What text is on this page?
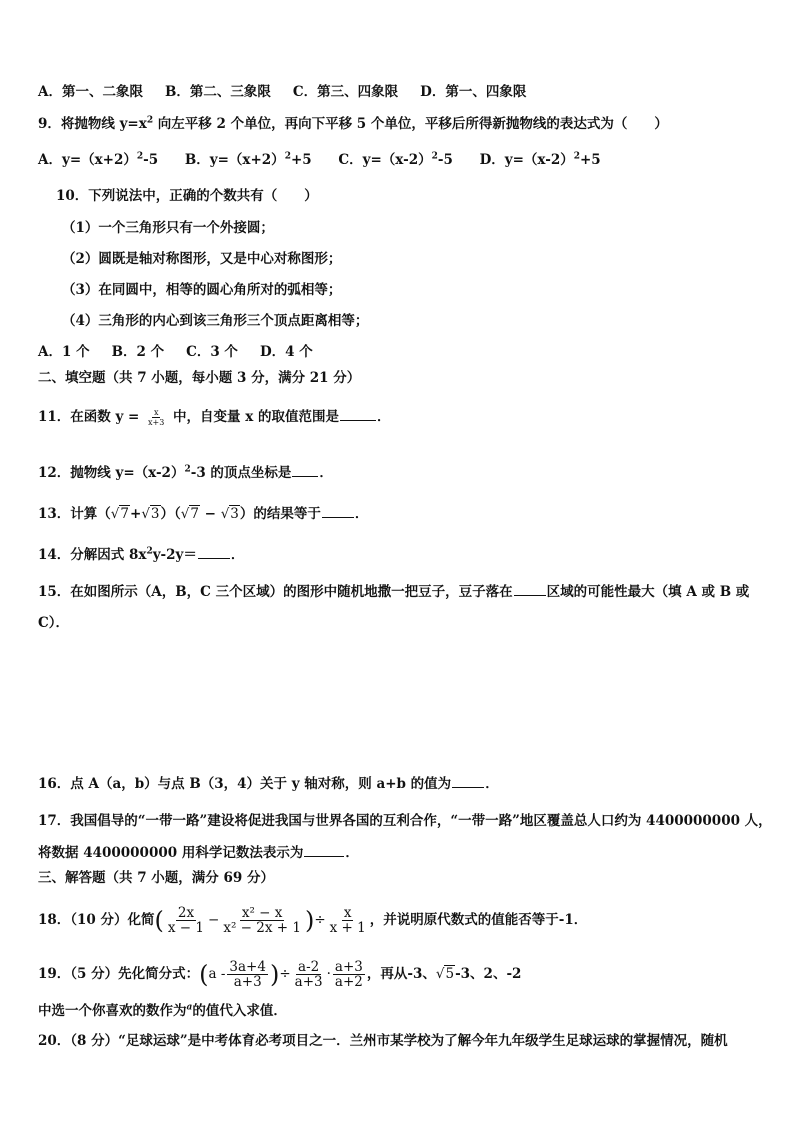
A．第一、二象限 B．第二、三象限 C．第三、四象限 D．第一、四象限
9．将抛物线 $y=x^2$ 向左平移 2 个单位，再向下平移 5 个单位，平移后所得新抛物线的表达式为（　　）
A．$y=(x+2)^2-5$ B．$y=(x+2)^2+5$ C．$y=(x-2)^2-5$ D．$y=(x-2)^2+5$
10．下列说法中，正确的个数共有（　　）
（1）一个三角形只有一个外接圆；
（2）圆既是轴对称图形，又是中心对称图形；
（3）在同圆中，相等的圆心角所对的弧相等；
（4）三角形的内心到该三角形三个顶点距离相等；
A．1 个 B．2 个 C．3 个 D．4 个
二、填空题（共 7 小题，每小题 3 分，满分 21 分）
11．在函数 $y = \frac{x}{x+3}$ 中，自变量 x 的取值范围是	．
12．抛物线 $y=(x-2)^2-3$ 的顶点坐标是 ．
13．计算（√7+√3）（√7 − √3）的结果等于	．
14．分解因式 $8x^2y-2y=$	．
15．在如图所示（A，B，C 三个区域）的图形中随机地撒一把豆子，豆子落在	区域的可能性最大（填 A 或 B 或
C）．
16．点 A（a，b）与点 B（3，4）关于 y 轴对称，则 a+b 的值为	．
17．我国倡导的“一带一路”建设将促进我国与世界各国的互利合作，“一带一路”地区覆盖总人口约为 4400000000 人，
将数据 4400000000 用科学记数法表示为	．
三、解答题（共 7 小题，满分 69 分）
18．（10 分）化简( $\frac{2x}{x - 1} - \frac{\text{x² − x}}{\text{x² − 2x + 1}}$ )÷ $\frac{x}{x + 1}$ ，并说明原代数式的值能否等于-1．
19．（5 分）先化简分式：($a - \frac{3a+4}{a+3}$ )÷ $\frac{a-2}{a+3} \cdot \frac{a+3}{a+2}$ ，再从-3、√5-3、2、-2
中选一个你喜欢的数作为$^a$的值代入求值．
20．（8 分）“足球运球”是中考体育必考项目之一．兰州市某学校为了解今年九年级学生足球运球的掌握情况，随机
